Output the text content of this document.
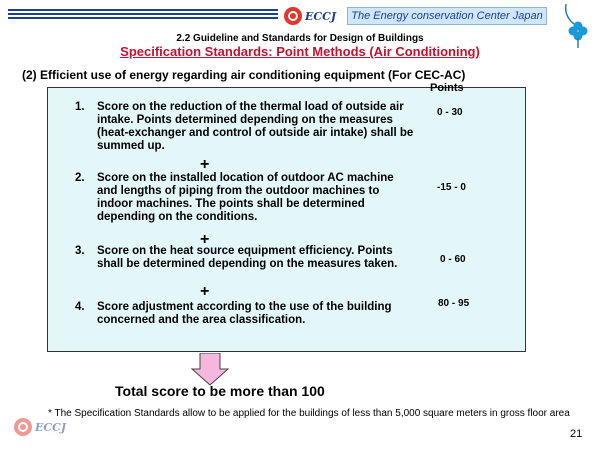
ECCJ	The Energy conservation Center Japan
2.2 Guideline and Standards for Design of Buildings
Specification Standards: Point Methods (Air Conditioning)
(2) Efficient use of energy regarding air conditioning equipment (For CEC-AC)
Points
1.	Score on the reduction of the thermal load of outside air intake. Points determined depending on the measures (heat-exchanger and control of outside air intake) shall be summed up.
0 - 30
+
2.	Score on the installed location of outdoor AC machine and lengths of piping from the outdoor machines to indoor machines. The points shall be determined depending on the conditions.
-15 - 0
+
3.	Score on the heat source equipment efficiency. Points shall be determined depending on the measures taken.	0 - 60
+
4.	Score adjustment according to the use of the building concerned and the area classification.
80 - 95
Total score to be more than 100
ECCJ
* The Specification Standards allow to be applied for the buildings of less than 5,000 square meters in gross floor area
21
